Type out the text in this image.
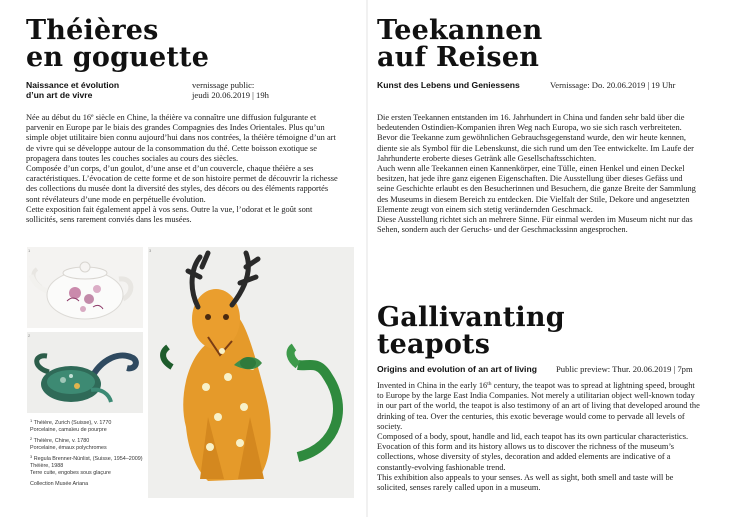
Théières
en goguette
Naissance et évolution
d’un art de vivre
vernissage public:
jeudi 20.06.2019 | 19h

Née au début du 16e siècle en Chine, la théière va connaître une diffusion fulgurante et parvenir en Europe par le biais des grandes Compagnies des Indes Orientales. Plus qu’un simple objet utilitaire bien connu aujourd’hui dans nos contrées, la théière témoigne d’un art de vivre qui se développe autour de la consommation du thé. Cette boisson exotique se propagera dans toutes les couches sociales au cours des siècles.

Composée d’un corps, d’un goulot, d’une anse et d’un couvercle, chaque théière a ses caractéristiques. L’évocation de cette forme et de son histoire permet de découvrir la richesse des collections du musée dont la diversité des styles, des décors ou des éléments rapportés sont révélateurs d’une mode en perpétuelle évolution.

Cette exposition fait également appel à vos sens. Outre la vue, l’odorat et le goût sont sollicités, sens rarement conviés dans les musées.

1
2
3
$^1$ Théière, Zurich (Suisse), v. 1770
Porcelaine, camaïeu de pourpre
$^2$ Théière, Chine, v. 1780
Porcelaine, émaux polychromes
$^3$ Regula Brenner-Nünlist, (Suisse, 1954–2009)
Théière, 1988
Terre cuite, engobes sous glaçure
Collection Musée Ariana
Teekannen
auf Reisen
Kunst des Lebens und Geniessens	Vernissage: Do. 20.06.2019 | 19 Uhr

Die ersten Teekannen entstanden im 16. Jahrhundert in China und fanden sehr bald über die bedeutenden Ostindien-Kompanien ihren Weg nach Europa, wo sie sich rasch verbreiteten. Bevor die Teekanne zum gewöhnlichen Gebrauchsgegenstand wurde, den wir heute kennen, diente sie als Symbol für die Lebenskunst, die sich rund um den Tee entwickelte. Im Laufe der Jahrhunderte eroberte dieses Getränk alle Gesellschaftsschichten.

Auch wenn alle Teekannen einen Kannenkörper, eine Tülle, einen Henkel und einen Deckel besitzen, hat jede ihre ganz eigenen Eigenschaften. Die Ausstellung über dieses Gefäss und seine Geschichte erlaubt es den Besucherinnen und Besuchern, die ganze Breite der Sammlung des Museums in diesem Bereich zu entdecken. Die Vielfalt der Stile, Dekore und angesetzten Elemente zeugt von einem sich stetig verändernden Geschmack.

Diese Ausstellung richtet sich an mehrere Sinne. Für einmal werden im Museum nicht nur das Sehen, sondern auch der Geruchs- und der Geschmackssinn angesprochen.

Gallivanting
teapots
Origins and evolution of an art of living Public preview: Thur. 20.06.2019 | 7pm

Invented in China in the early 16th century, the teapot was to spread at lightning speed, brought to Europe by the large East India Companies. Not merely a utilitarian object well-known today in our part of the world, the teapot is also testimony of an art of living that developed around the drinking of tea. Over the centuries, this exotic beverage would come to pervade all levels of society.

Composed of a body, spout, handle and lid, each teapot has its own particular characteristics. Evocation of this form and its history allows us to discover the richness of the museum’s collections, whose diversity of styles, decoration and added elements are indicative of a constantly-evolving fashionable trend.

This exhibition also appeals to your senses. As well as sight, both smell and taste will be solicited, senses rarely called upon in a museum.
